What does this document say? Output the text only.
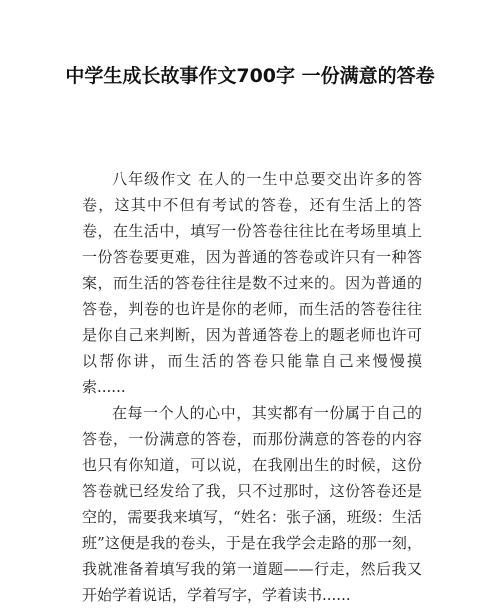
中学生成长故事作文700字 一份满意的答卷

八年级作文 在人的一生中总要交出许多的答卷，这其中不但有考试的答卷，还有生活上的答卷，在生活中，填写一份答卷往往比在考场里填上一份答卷要更难，因为普通的答卷或许只有一种答案，而生活的答卷往往是数不过来的。因为普通的答卷，判卷的也许是你的老师，而生活的答卷往往是你自己来判断，因为普通答卷上的题老师也许可以帮你讲，而生活的答卷只能靠自己来慢慢摸索......

在每一个人的心中，其实都有一份属于自己的答卷，一份满意的答卷，而那份满意的答卷的内容也只有你知道，可以说，在我刚出生的时候，这份答卷就已经发给了我，只不过那时，这份答卷还是空的，需要我来填写，“姓名：张子涵，班级：生活班”这便是我的卷头，于是在我学会走路的那一刻，我就准备着填写我的第一道题——行走，然后我又开始学着说话，学着写字，学着读书......
